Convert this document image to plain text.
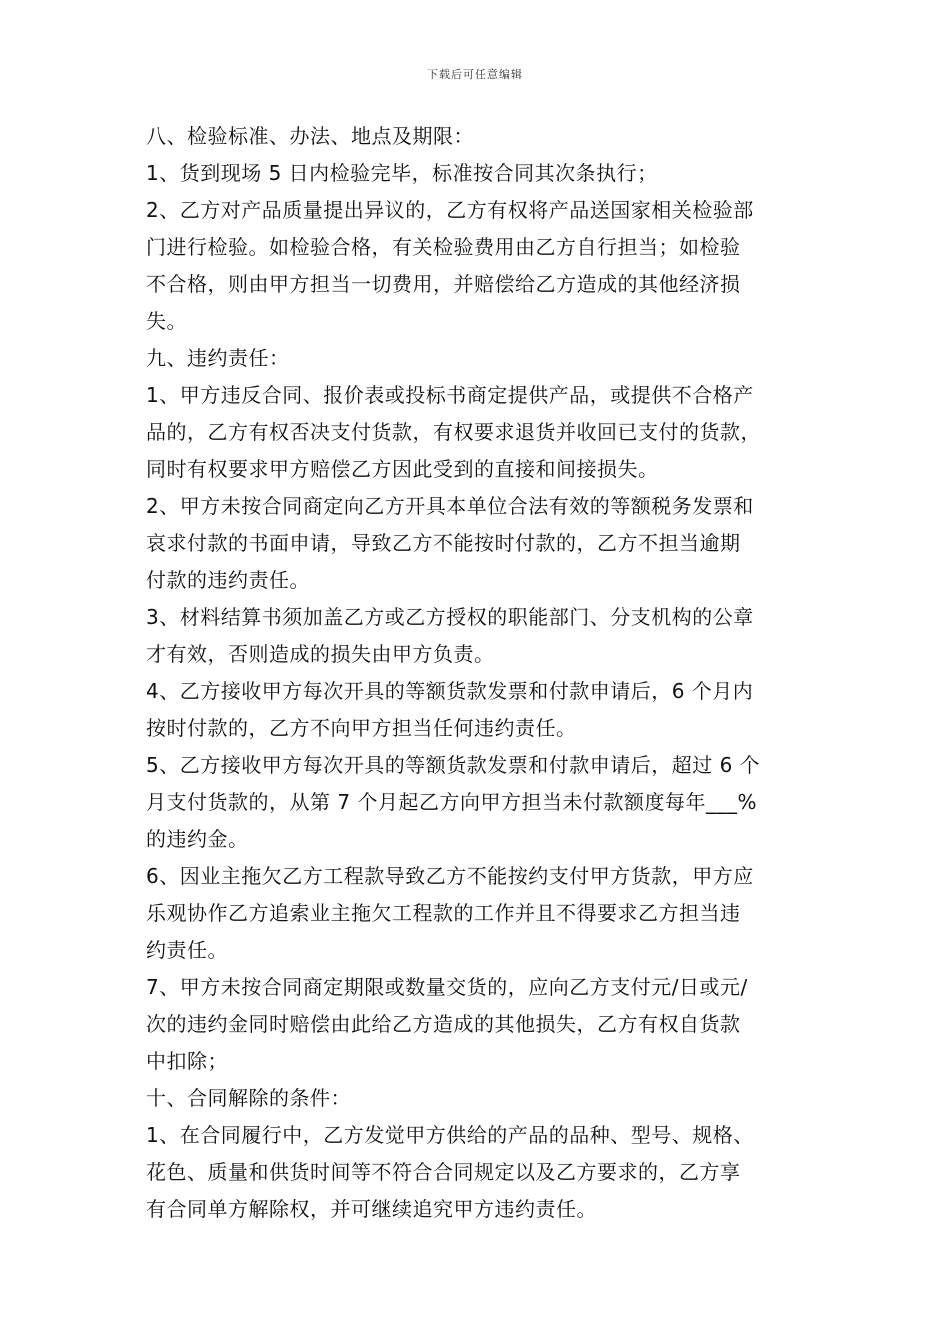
下载后可任意编辑
八、检验标准、办法、地点及期限：
1、货到现场 5 日内检验完毕，标准按合同其次条执行；
2、乙方对产品质量提出异议的，乙方有权将产品送国家相关检验部
门进行检验。如检验合格，有关检验费用由乙方自行担当；如检验
不合格，则由甲方担当一切费用，并赔偿给乙方造成的其他经济损
失。
九、违约责任：
1、甲方违反合同、报价表或投标书商定提供产品，或提供不合格产
品的，乙方有权否决支付货款，有权要求退货并收回已支付的货款，
同时有权要求甲方赔偿乙方因此受到的直接和间接损失。
2、甲方未按合同商定向乙方开具本单位合法有效的等额税务发票和
哀求付款的书面申请，导致乙方不能按时付款的，乙方不担当逾期
付款的违约责任。
3、材料结算书须加盖乙方或乙方授权的职能部门、分支机构的公章
才有效，否则造成的损失由甲方负责。
4、乙方接收甲方每次开具的等额货款发票和付款申请后，6 个月内
按时付款的，乙方不向甲方担当任何违约责任。
5、乙方接收甲方每次开具的等额货款发票和付款申请后，超过 6 个
月支付货款的，从第 7 个月起乙方向甲方担当未付款额度每年___%
的违约金。
6、因业主拖欠乙方工程款导致乙方不能按约支付甲方货款，甲方应
乐观协作乙方追索业主拖欠工程款的工作并且不得要求乙方担当违
约责任。
7、甲方未按合同商定期限或数量交货的，应向乙方支付元/日或元/
次的违约金同时赔偿由此给乙方造成的其他损失，乙方有权自货款
中扣除；
十、合同解除的条件：
1、在合同履行中，乙方发觉甲方供给的产品的品种、型号、规格、
花色、质量和供货时间等不符合合同规定以及乙方要求的，乙方享
有合同单方解除权，并可继续追究甲方违约责任。
